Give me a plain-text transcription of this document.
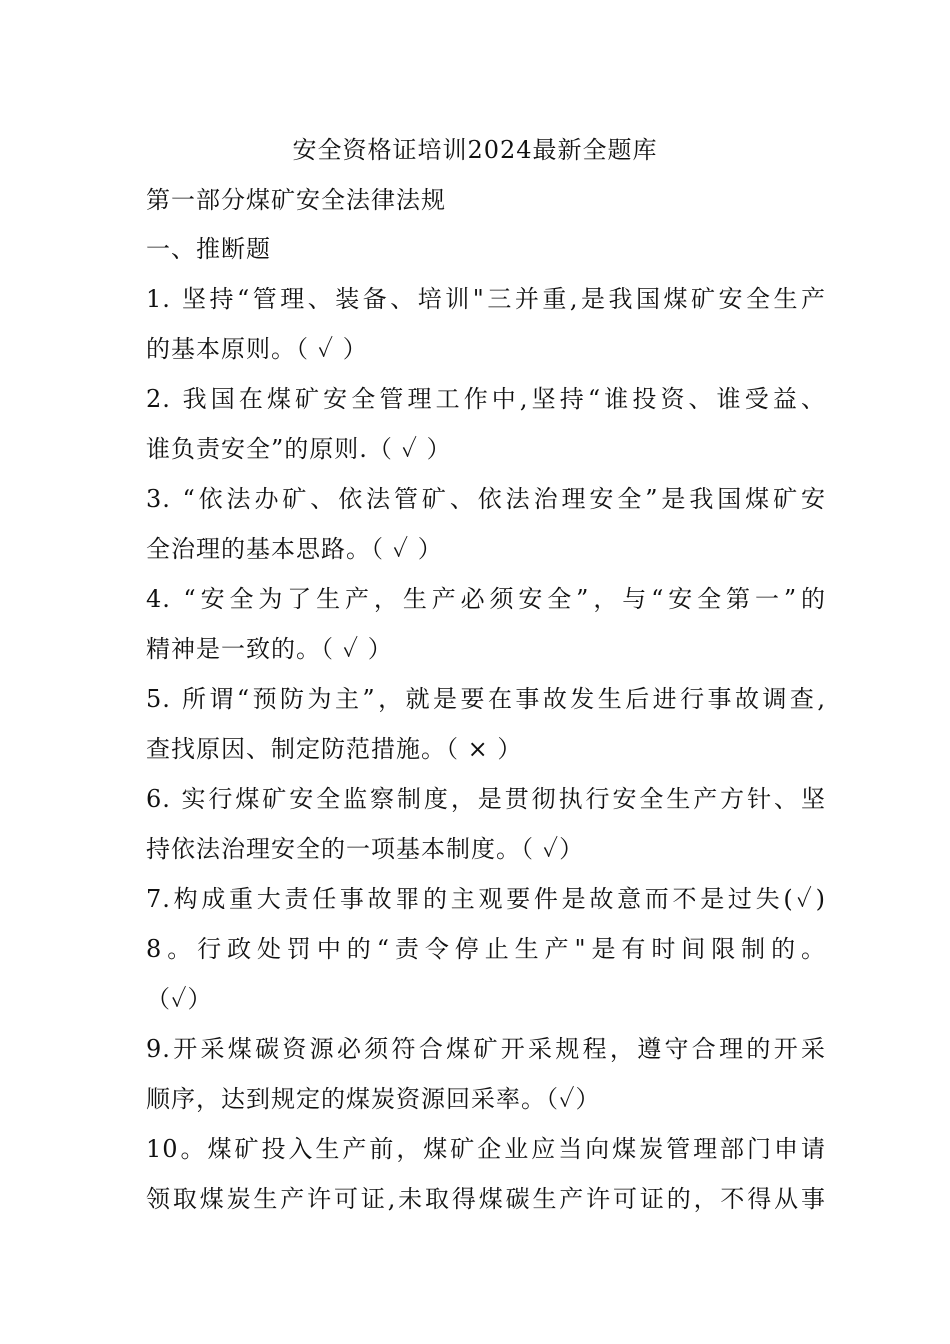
安全资格证培训2024最新全题库
第一部分煤矿安全法律法规
一、推断题
1. 坚持“管理、装备、培训"三并重,是我国煤矿安全生产
的基本原则。（ ✓ ）
2. 我国在煤矿安全管理工作中,坚持“谁投资、谁受益、
谁负责安全”的原则.（ ✓ ）
3. “依法办矿、依法管矿、依法治理安全”是我国煤矿安
全治理的基本思路。（ ✓ ）
4. “安全为了生产，生产必须安全”，与“安全第一”的
精神是一致的。（ ✓ ）
5. 所谓“预防为主”，就是要在事故发生后进行事故调查,
查找原因、制定防范措施。（ × ）
6. 实行煤矿安全监察制度，是贯彻执行安全生产方针、坚
持依法治理安全的一项基本制度。（ ✓）
7.构成重大责任事故罪的主观要件是故意而不是过失(✓)
8。行政处罚中的“责令停止生产"是有时间限制的。
（✓）
9.开采煤碳资源必须符合煤矿开采规程，遵守合理的开采
顺序，达到规定的煤炭资源回采率。（✓）
10。煤矿投入生产前，煤矿企业应当向煤炭管理部门申请
领取煤炭生产许可证,未取得煤碳生产许可证的，不得从事
